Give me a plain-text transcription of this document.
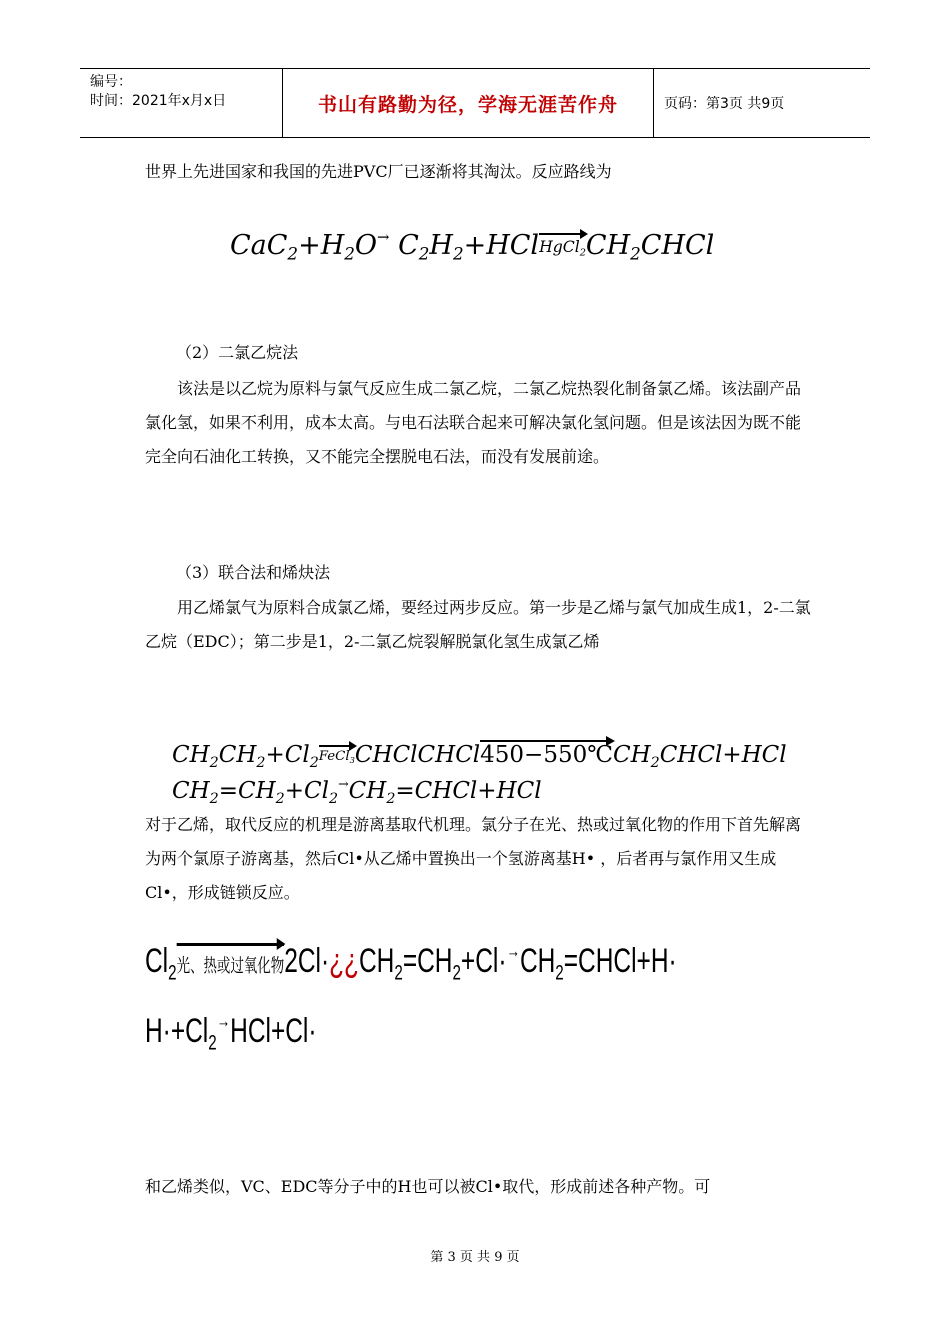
编号：
时间：2021年x月x日	书山有路勤为径，学海无涯苦作舟	页码：第3页 共9页

世界上先进国家和我国的先进PVC厂已逐渐将其淘汰。反应路线为

$CaC_2+H_2O^\to$ $C_2H_2+HCl$
$HgCl_2CH_2CHCl$

（2）二氯乙烷法

该法是以乙烷为原料与氯气反应生成二氯乙烷，二氯乙烷热裂化制备氯乙烯。该法副产品氯化氢，如果不利用，成本太高。与电石法联合起来可解决氯化氢问题。但是该法因为既不能完全向石油化工转换，又不能完全摆脱电石法，而没有发展前途。

（3）联合法和烯炔法

用乙烯氯气为原料合成氯乙烯，要经过两步反应。第一步是乙烯与氯气加成生成1，2-二氯乙烷（EDC）；第二步是1，2-二氯乙烷裂解脱氯化氢生成氯乙烯

$CH_2CH_2+Cl_2$
FeCl$_3$CHClCHCl
$450-550℃CH_2CHCl+HCl$
$CH_2=CH_2+Cl_2^\to CH_2=CHCl+HCl$

对于乙烯，取代反应的机理是游离基取代机理。氯分子在光、热或过氧化物的作用下首先解离为两个氯原子游离基，然后Cl•从乙烯中置换出一个氢游离基H• ，后者再与氯作用又生成Cl•，形成链锁反应。

$Cl_2$
光、热或过氧化物$2Cl\cdot¿¿CH_2=CH_2+Cl\cdot^\to CH_2=CHCl+H\cdot$
$H\cdot+Cl_2^\to HCl+Cl\cdot$

和乙烯类似，VC、EDC等分子中的H也可以被Cl•取代，形成前述各种产物。可

第 3 页 共 9 页
